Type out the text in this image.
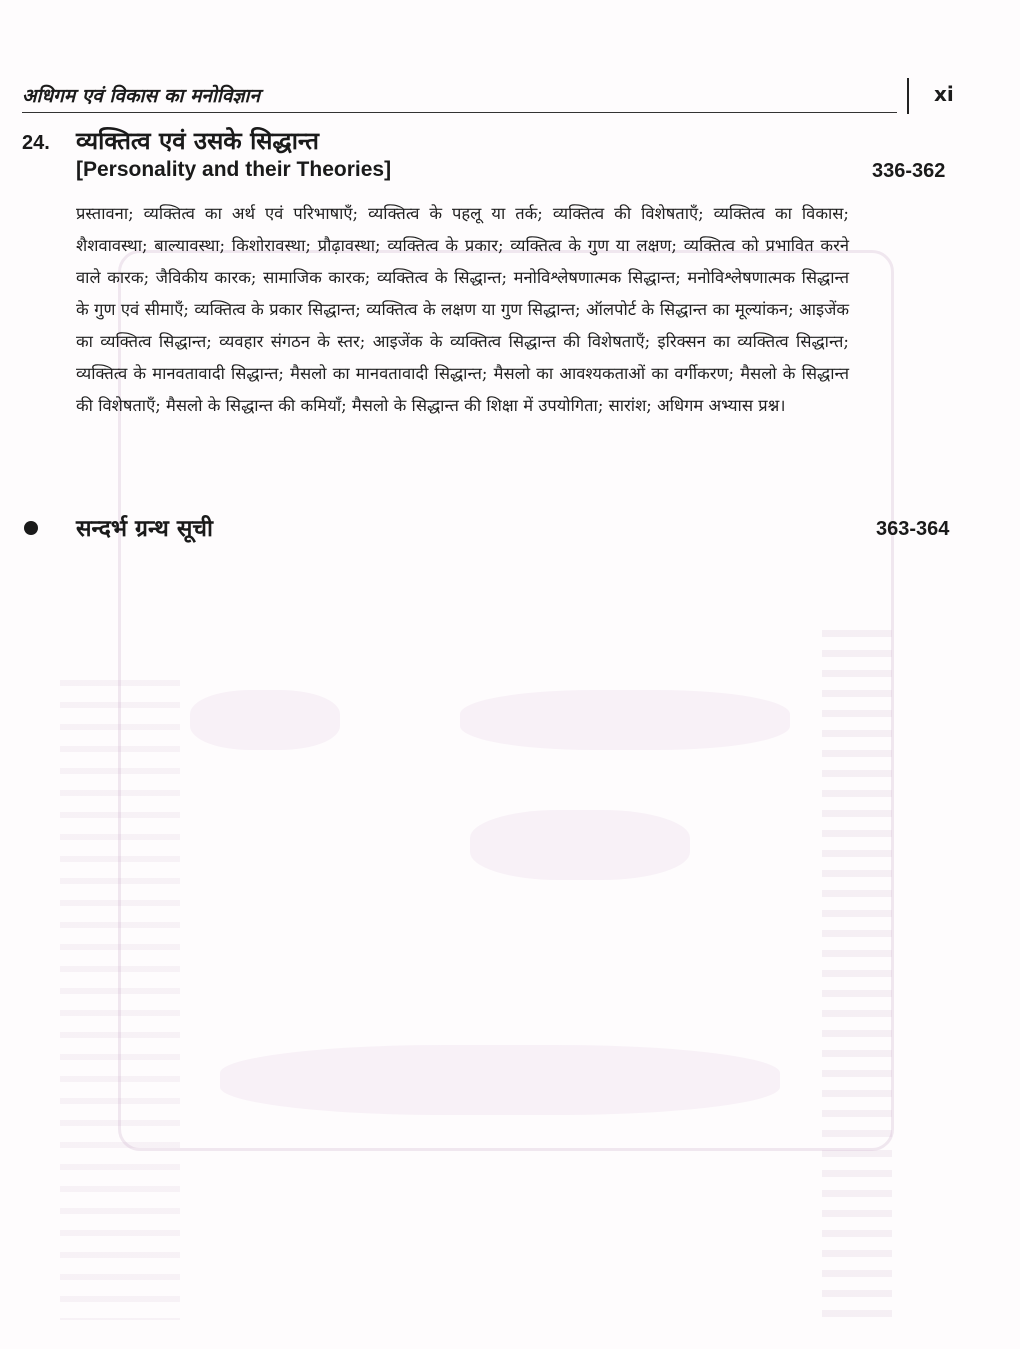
अधिगम एवं विकास का मनोविज्ञान	xi
24. व्यक्तित्व एवं उसके सिद्धान्त
[Personality and their Theories]	336-362

प्रस्तावना; व्यक्तित्व का अर्थ एवं परिभाषाएँ; व्यक्तित्व के पहलू या तर्क; व्यक्तित्व की विशेषताएँ; व्यक्तित्व का विकास; शैशवावस्था; बाल्यावस्था; किशोरावस्था; प्रौढ़ावस्था; व्यक्तित्व के प्रकार; व्यक्तित्व के गुण या लक्षण; व्यक्तित्व को प्रभावित करने वाले कारक; जैविकीय कारक; सामाजिक कारक; व्यक्तित्व के सिद्धान्त; मनोविश्लेषणात्मक सिद्धान्त; मनोविश्लेषणात्मक सिद्धान्त के गुण एवं सीमाएँ; व्यक्तित्व के प्रकार सिद्धान्त; व्यक्तित्व के लक्षण या गुण सिद्धान्त; ऑलपोर्ट के सिद्धान्त का मूल्यांकन; आइजेंक का व्यक्तित्व सिद्धान्त; व्यवहार संगठन के स्तर; आइजेंक के व्यक्तित्व सिद्धान्त की विशेषताएँ; इरिक्सन का व्यक्तित्व सिद्धान्त; व्यक्तित्व के मानवतावादी सिद्धान्त; मैसलो का मानवतावादी सिद्धान्त; मैसलो का आवश्यकताओं का वर्गीकरण; मैसलो के सिद्धान्त की विशेषताएँ; मैसलो के सिद्धान्त की कमियाँ; मैसलो के सिद्धान्त की शिक्षा में उपयोगिता; सारांश; अधिगम अभ्यास प्रश्न।

सन्दर्भ ग्रन्थ सूची	363-364
